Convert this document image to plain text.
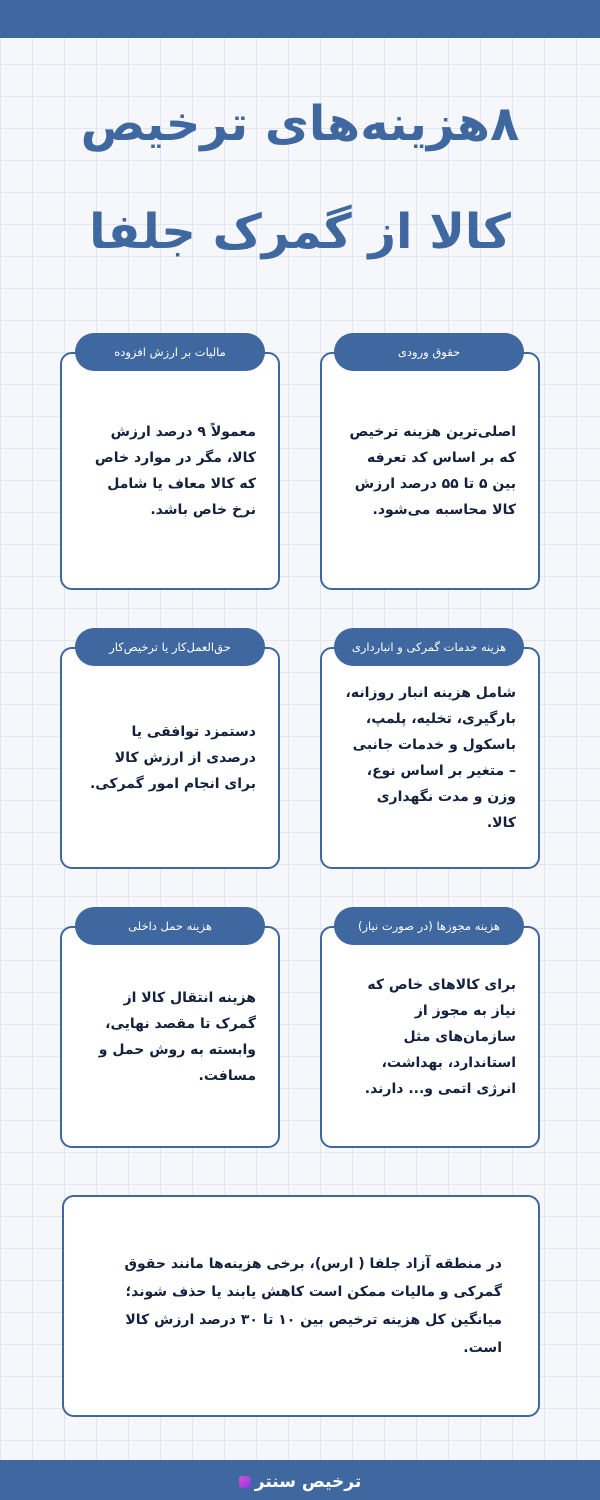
۸هزینه‌های ترخیص
کالا از گمرک جلفا
مالیات بر ارزش افزوده
معمولاً ۹ درصد ارزش کالا، مگر در موارد خاص که کالا معاف یا شامل نرخ خاص باشد.
حقوق ورودی
اصلی‌ترین هزینه ترخیص که بر اساس کد تعرفه بین ۵ تا ۵۵ درصد ارزش کالا محاسبه می‌شود.
حق‌العمل‌کار یا ترخیص‌کار
دستمزد توافقی یا درصدی از ارزش کالا برای انجام امور گمرکی.
هزینه خدمات گمرکی و انبارداری
شامل هزینه انبار روزانه، بارگیری، تخلیه، پلمپ، باسکول و خدمات جانبی – متغیر بر اساس نوع، وزن و مدت نگهداری کالا.
هزینه حمل داخلی
هزینه انتقال کالا از گمرک تا مقصد نهایی، وابسته به روش حمل و مسافت.
هزینه مجوزها (در صورت نیاز)
برای کالاهای خاص که نیاز به مجوز از سازمان‌های مثل استاندارد، بهداشت، انرژی اتمی و... دارند.
در منطقه آزاد جلفا ( ارس)، برخی هزینه‌ها مانند حقوق گمرکی و مالیات ممکن است کاهش یابند یا حذف شوند؛ میانگین کل هزینه ترخیص بین ۱۰ تا ۳۰ درصد ارزش کالا است.
ترخیص سنتر
